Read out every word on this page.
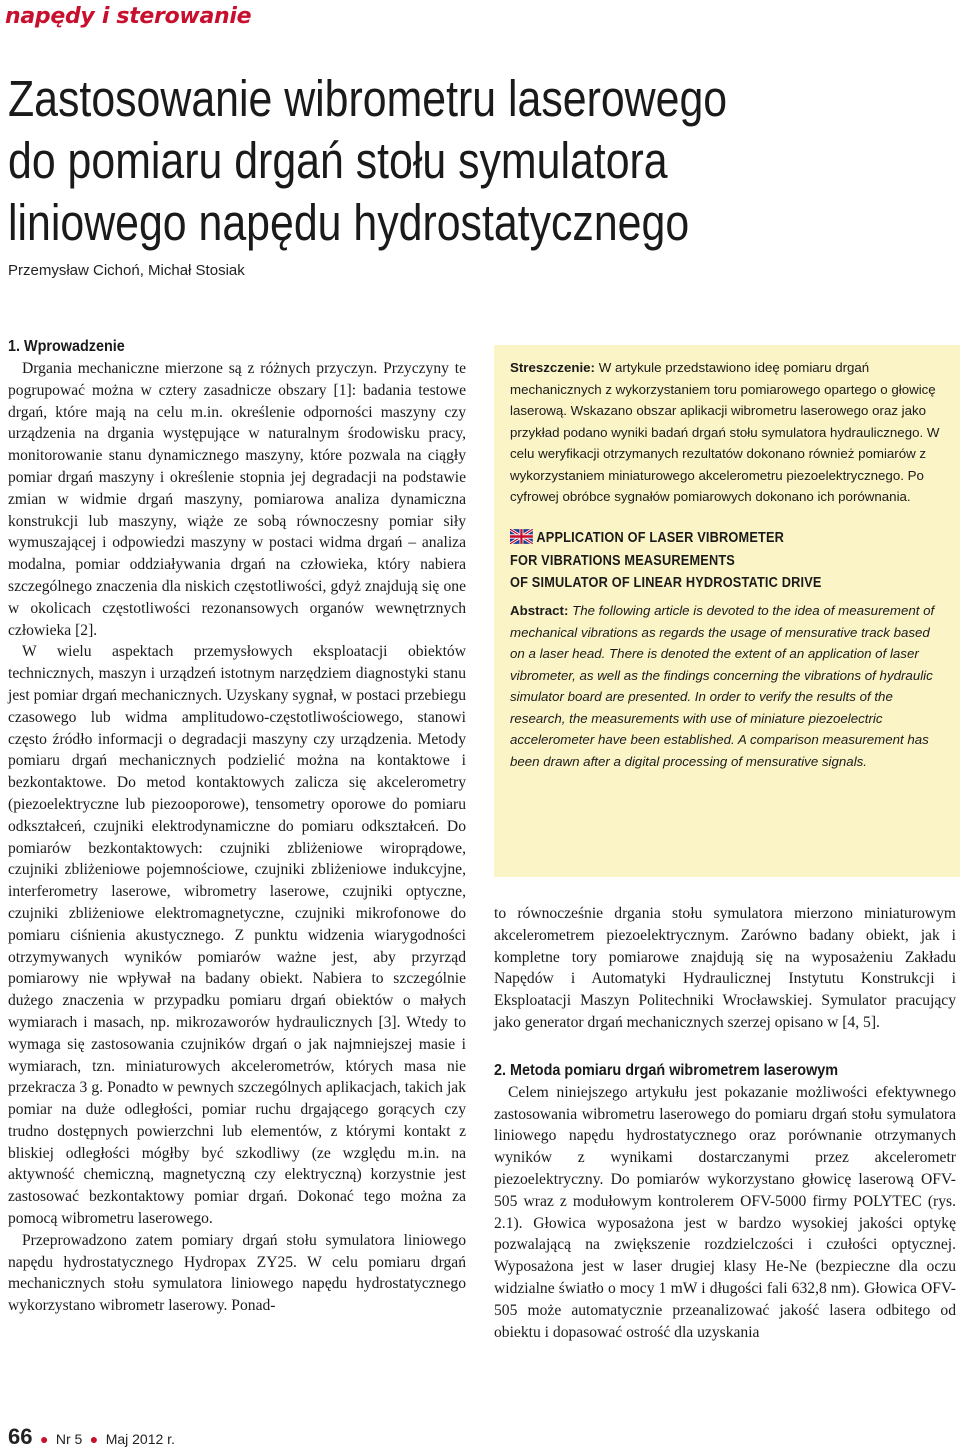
napędy i sterowanie
Zastosowanie wibrometru laserowego
do pomiaru drgań stołu symulatora
liniowego napędu hydrostatycznego
Przemysław Cichoń, Michał Stosiak
1. Wprowadzenie

Drgania mechaniczne mierzone są z różnych przyczyn. Przyczyny te pogrupować można w cztery zasadnicze obszary [1]: badania testowe drgań, które mają na celu m.in. określenie odporności maszyny czy urządzenia na drgania występujące w naturalnym środowisku pracy, monitorowanie stanu dynamicznego maszyny, które pozwala na ciągły pomiar drgań maszyny i określenie stopnia jej degradacji na podstawie zmian w widmie drgań maszyny, pomiarowa analiza dynamiczna konstrukcji lub maszyny, wiąże ze sobą równoczesny pomiar siły wymuszającej i odpowiedzi maszyny w postaci widma drgań – analiza modalna, pomiar oddziaływania drgań na człowieka, który nabiera szczególnego znaczenia dla niskich częstotliwości, gdyż znajdują się one w okolicach częstotliwości rezonansowych organów wewnętrznych człowieka [2].

W wielu aspektach przemysłowych eksploatacji obiektów technicznych, maszyn i urządzeń istotnym narzędziem diagnostyki stanu jest pomiar drgań mechanicznych. Uzyskany sygnał, w postaci przebiegu czasowego lub widma amplitudowo-częstotliwościowego, stanowi często źródło informacji o degradacji maszyny czy urządzenia. Metody pomiaru drgań mechanicznych podzielić można na kontaktowe i bezkontaktowe. Do metod kontaktowych zalicza się akcelerometry (piezoelektryczne lub piezooporowe), tensometry oporowe do pomiaru odkształceń, czujniki elektrodynamiczne do pomiaru odkształceń. Do pomiarów bezkontaktowych: czujniki zbliżeniowe wiroprądowe, czujniki zbliżeniowe pojemnościowe, czujniki zbliżeniowe indukcyjne, interferometry laserowe, wibrometry laserowe, czujniki optyczne, czujniki zbliżeniowe elektromagnetyczne, czujniki mikrofonowe do pomiaru ciśnienia akustycznego. Z punktu widzenia wiarygodności otrzymywanych wyników pomiarów ważne jest, aby przyrząd pomiarowy nie wpływał na badany obiekt. Nabiera to szczególnie dużego znaczenia w przypadku pomiaru drgań obiektów o małych wymiarach i masach, np. mikrozaworów hydraulicznych [3]. Wtedy to wymaga się zastosowania czujników drgań o jak najmniejszej masie i wymiarach, tzn. miniaturowych akcelerometrów, których masa nie przekracza 3 g. Ponadto w pewnych szczególnych aplikacjach, takich jak pomiar na duże odległości, pomiar ruchu drgającego gorących czy trudno dostępnych powierzchni lub elementów, z którymi kontakt z bliskiej odległości mógłby być szkodliwy (ze względu m.in. na aktywność chemiczną, magnetyczną czy elektryczną) korzystnie jest zastosować bezkontaktowy pomiar drgań. Dokonać tego można za pomocą wibrometru laserowego.

Przeprowadzono zatem pomiary drgań stołu symulatora liniowego napędu hydrostatycznego Hydropax ZY25. W celu pomiaru drgań mechanicznych stołu symulatora liniowego napędu hydrostatycznego wykorzystano wibrometr laserowy. Ponad-

Streszczenie: W artykule przedstawiono ideę pomiaru drgań mechanicznych z wykorzystaniem toru pomiarowego opartego o głowicę laserową. Wskazano obszar aplikacji wibrometru laserowego oraz jako przykład podano wyniki badań drgań stołu symulatora hydraulicznego. W celu weryfikacji otrzymanych rezultatów dokonano również pomiarów z wykorzystaniem miniaturowego akcelerometru piezoelektrycznego. Po cyfrowej obróbce sygnałów pomiarowych dokonano ich porównania.

APPLICATION OF LASER VIBROMETER
FOR VIBRATIONS MEASUREMENTS
OF SIMULATOR OF LINEAR HYDROSTATIC DRIVE

Abstract: The following article is devoted to the idea of measurement of mechanical vibrations as regards the usage of mensurative track based on a laser head. There is denoted the extent of an application of laser vibrometer, as well as the findings concerning the vibrations of hydraulic simulator board are presented. In order to verify the results of the research, the measurements with use of miniature piezoelectric accelerometer have been established. A comparison measurement has been drawn after a digital processing of mensurative signals.

to równocześnie drgania stołu symulatora mierzono miniaturowym akcelerometrem piezoelektrycznym. Zarówno badany obiekt, jak i kompletne tory pomiarowe znajdują się na wyposażeniu Zakładu Napędów i Automatyki Hydraulicznej Instytutu Konstrukcji i Eksploatacji Maszyn Politechniki Wrocławskiej. Symulator pracujący jako generator drgań mechanicznych szerzej opisano w [4, 5].

2. Metoda pomiaru drgań wibrometrem laserowym

Celem niniejszego artykułu jest pokazanie możliwości efektywnego zastosowania wibrometru laserowego do pomiaru drgań stołu symulatora liniowego napędu hydrostatycznego oraz porównanie otrzymanych wyników z wynikami dostarczanymi przez akcelerometr piezoelektryczny. Do pomiarów wykorzystano głowicę laserową OFV-505 wraz z modułowym kontrolerem OFV-5000 firmy POLYTEC (rys. 2.1). Głowica wyposażona jest w bardzo wysokiej jakości optykę pozwalającą na zwiększenie rozdzielczości i czułości optycznej. Wyposażona jest w laser drugiej klasy He-Ne (bezpieczne dla oczu widzialne światło o mocy 1 mW i długości fali 632,8 nm). Głowica OFV-505 może automatycznie przeanalizować jakość lasera odbitego od obiektu i dopasować ostrość dla uzyskania

66 ● Nr 5 ● Maj 2012 r.
